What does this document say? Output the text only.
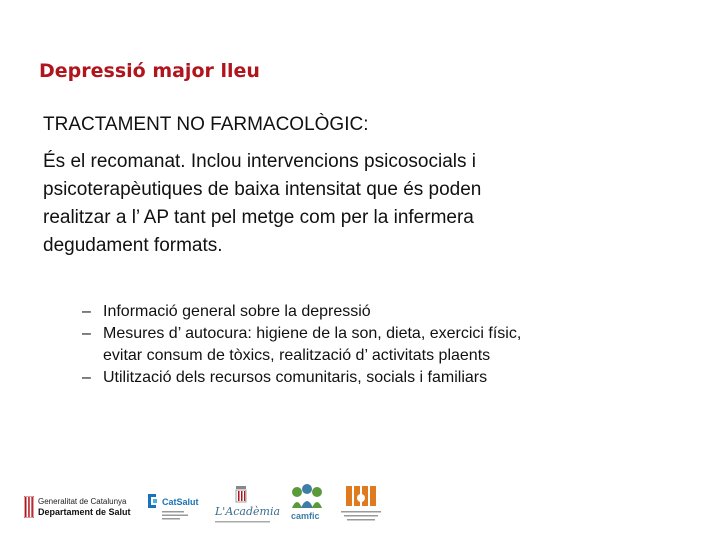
Depressió major lleu
TRACTAMENT NO FARMACOLÒGIC:
És el recomanat. Inclou intervencions psicosocials i
psicoterapèutiques de baixa intensitat que és poden
realitzar a l’ AP tant pel metge com per la infermera
degudament formats.
– Informació general sobre la depressió
– Mesures d’ autocura: higiene de la son, dieta, exercici físic,
evitar consum de tòxics, realització d’ activitats plaents
– Utilització dels recursos comunitaris, socials i familiars
Generalitat de Catalunya
Departament de Salut
CatSalut
L'Acadèmia camfic
